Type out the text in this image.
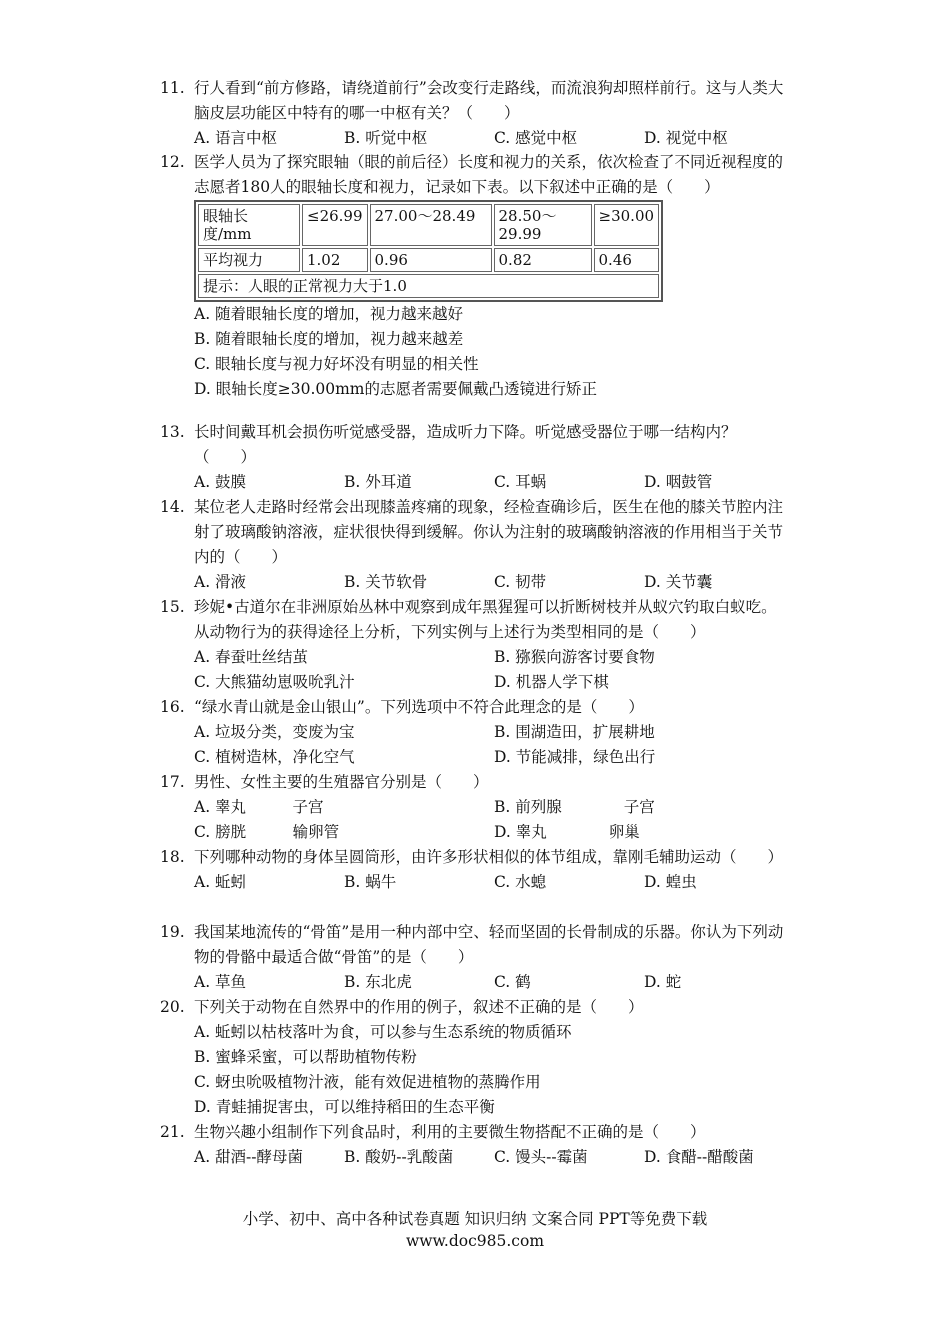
11. 行人看到“前方修路，请绕道前行”会改变行走路线，而流浪狗却照样前行。这与人类大脑皮层功能区中特有的哪一中枢有关？（　　）
A. 语言中枢	B. 听觉中枢	C. 感觉中枢	D. 视觉中枢
12. 医学人员为了探究眼轴（眼的前后径）长度和视力的关系，依次检查了不同近视程度的志愿者180人的眼轴长度和视力，记录如下表。以下叙述中正确的是（　　）
眼轴长度/mm	≤26.99	27.00～28.49	28.50～29.99	≥30.00
平均视力	1.02	0.96	0.82	0.46
提示：人眼的正常视力大于1.0				
A. 随着眼轴长度的增加，视力越来越好
B. 随着眼轴长度的增加，视力越来越差
C. 眼轴长度与视力好坏没有明显的相关性
D. 眼轴长度≥30.00mm的志愿者需要佩戴凸透镜进行矫正
13. 长时间戴耳机会损伤听觉感受器，造成听力下降。听觉感受器位于哪一结构内？（　　）
A. 鼓膜	B. 外耳道	C. 耳蜗	D. 咽鼓管
14. 某位老人走路时经常会出现膝盖疼痛的现象，经检查确诊后，医生在他的膝关节腔内注射了玻璃酸钠溶液，症状很快得到缓解。你认为注射的玻璃酸钠溶液的作用相当于关节内的（　　）
A. 滑液	B. 关节软骨	C. 韧带	D. 关节囊
15. 珍妮•古道尔在非洲原始丛林中观察到成年黑猩猩可以折断树枝并从蚁穴钓取白蚁吃。从动物行为的获得途径上分析，下列实例与上述行为类型相同的是（　　）
A. 春蚕吐丝结茧	B. 猕猴向游客讨要食物
C. 大熊猫幼崽吸吮乳汁	D. 机器人学下棋
16. “绿水青山就是金山银山”。下列选项中不符合此理念的是（　　）
A. 垃圾分类，变废为宝	B. 围湖造田，扩展耕地
C. 植树造林，净化空气	D. 节能减排，绿色出行
17. 男性、女性主要的生殖器官分别是（　　）
A. 睾丸　　　子宫	B. 前列腺　　　　子宫
C. 膀胱　　　输卵管	D. 睾丸　　　　卵巢
18. 下列哪种动物的身体呈圆筒形，由许多形状相似的体节组成，靠刚毛辅助运动（　　）
A. 蚯蚓	B. 蜗牛	C. 水螅	D. 蝗虫
19. 我国某地流传的“骨笛”是用一种内部中空、轻而坚固的长骨制成的乐器。你认为下列动物的骨骼中最适合做“骨笛”的是（　　）
A. 草鱼	B. 东北虎	C. 鹤	D. 蛇
20. 下列关于动物在自然界中的作用的例子，叙述不正确的是（　　）
A. 蚯蚓以枯枝落叶为食，可以参与生态系统的物质循环
B. 蜜蜂采蜜，可以帮助植物传粉
C. 蚜虫吮吸植物汁液，能有效促进植物的蒸腾作用
D. 青蛙捕捉害虫，可以维持稻田的生态平衡
21. 生物兴趣小组制作下列食品时，利用的主要微生物搭配不正确的是（　　）
A. 甜酒--酵母菌	B. 酸奶--乳酸菌	C. 馒头--霉菌	D. 食醋--醋酸菌
小学、初中、高中各种试卷真题 知识归纳 文案合同 PPT等免费下载
www.doc985.com
